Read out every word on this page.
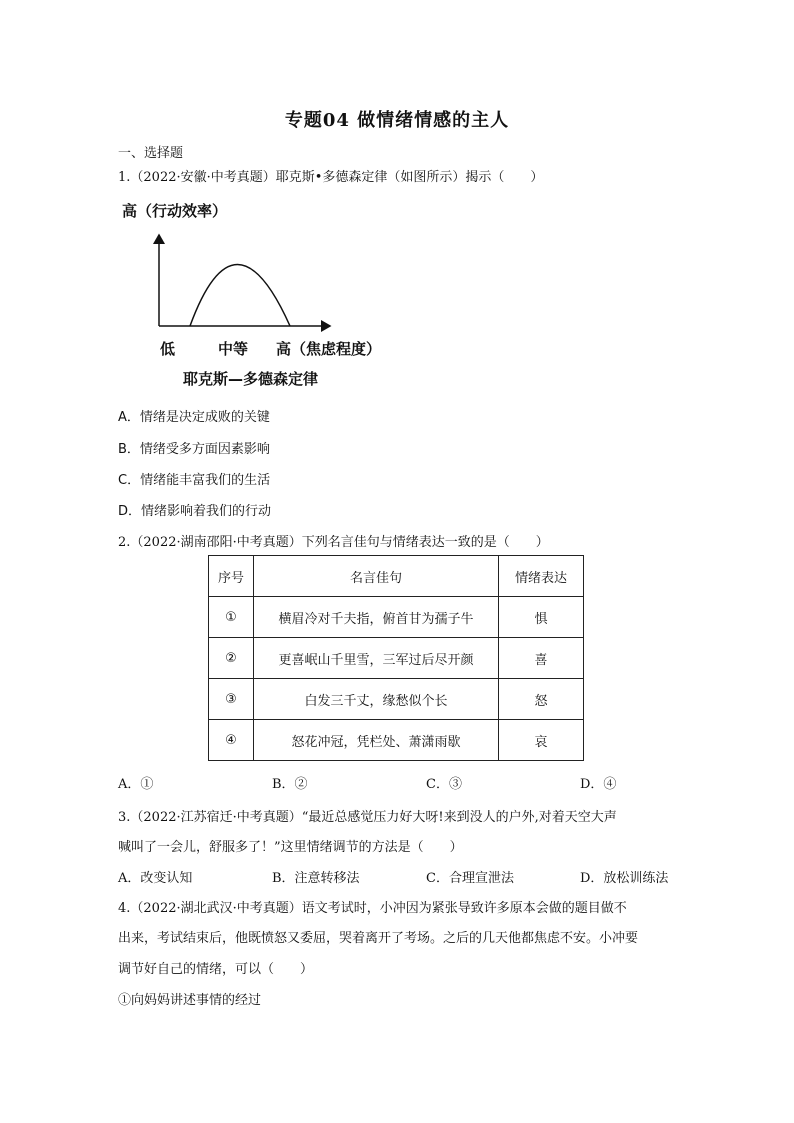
专题04 做情绪情感的主人
一、选择题
1.（2022·安徽·中考真题）耶克斯•多德森定律（如图所示）揭示（　　）
高（行动效率）
低	中等 高（焦虑程度）
耶克斯—多德森定律
A．情绪是决定成败的关键
B．情绪受多方面因素影响
C．情绪能丰富我们的生活
D．情绪影响着我们的行动
2.（2022·湖南邵阳·中考真题）下列名言佳句与情绪表达一致的是（　　）
序号	名言佳句	情绪表达
①	横眉冷对千夫指，俯首甘为孺子牛	惧
②	更喜岷山千里雪，三军过后尽开颜	喜
③	白发三千丈，缘愁似个长	怒
④	怒花冲冠，凭栏处、萧潇雨歇	哀
A．①	B．②	C．③	D．④
3.（2022·江苏宿迁·中考真题）“最近总感觉压力好大呀!来到没人的户外,对着天空大声
喊叫了一会儿，舒服多了！”这里情绪调节的方法是（　　）
A．改变认知	B．注意转移法	C．合理宣泄法	D．放松训练法
4.（2022·湖北武汉·中考真题）语文考试时，小冲因为紧张导致许多原本会做的题目做不
出来，考试结束后，他既愤怒又委屈，哭着离开了考场。之后的几天他都焦虑不安。小冲要
调节好自己的情绪，可以（　　）
①向妈妈讲述事情的经过
